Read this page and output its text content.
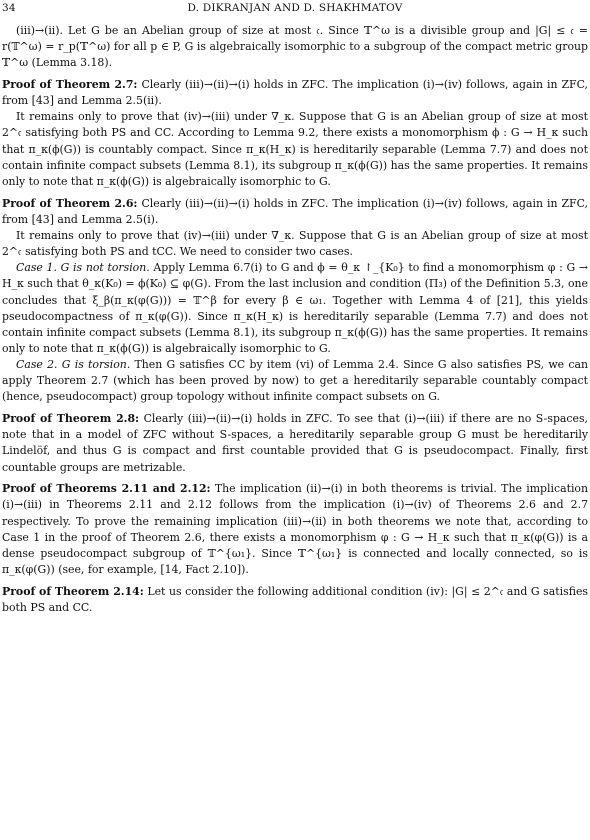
34	D. DIKRANJAN AND D. SHAKHMATOV

(iii)→(ii). Let G be an Abelian group of size at most 𝔠. Since 𝕋^ω is a divisible group and |G| ≤ 𝔠 = r(𝕋^ω) = r_p(𝕋^ω) for all p ∈ P, G is algebraically isomorphic to a subgroup of the compact metric group 𝕋^ω (Lemma 3.18).

Proof of Theorem 2.7: Clearly (iii)→(ii)→(i) holds in ZFC. The implication (i)→(iv) follows, again in ZFC, from [43] and Lemma 2.5(ii).

It remains only to prove that (iv)→(iii) under ∇_κ. Suppose that G is an Abelian group of size at most 2^𝔠 satisfying both PS and CC. According to Lemma 9.2, there exists a monomorphism ϕ : G → H_κ such that π_κ(ϕ(G)) is countably compact. Since π_κ(H_κ) is hereditarily separable (Lemma 7.7) and does not contain infinite compact subsets (Lemma 8.1), its subgroup π_κ(ϕ(G)) has the same properties. It remains only to note that π_κ(ϕ(G)) is algebraically isomorphic to G.

Proof of Theorem 2.6: Clearly (iii)→(ii)→(i) holds in ZFC. The implication (i)→(iv) follows, again in ZFC, from [43] and Lemma 2.5(i).

It remains only to prove that (iv)→(iii) under ∇_κ. Suppose that G is an Abelian group of size at most 2^𝔠 satisfying both PS and tCC. We need to consider two cases.

Case 1. G is not torsion. Apply Lemma 6.7(i) to G and ϕ = θ_κ ↾_{K₀} to find a monomorphism φ : G → H_κ such that θ_κ(K₀) = ϕ(K₀) ⊆ φ(G). From the last inclusion and condition (Π₃) of the Definition 5.3, one concludes that ξ_β(π_κ(φ(G))) = 𝕋^β for every β ∈ ω₁. Together with Lemma 4 of [21], this yields pseudocompactness of π_κ(φ(G)). Since π_κ(H_κ) is hereditarily separable (Lemma 7.7) and does not contain infinite compact subsets (Lemma 8.1), its subgroup π_κ(ϕ(G)) has the same properties. It remains only to note that π_κ(ϕ(G)) is algebraically isomorphic to G.

Case 2. G is torsion. Then G satisfies CC by item (vi) of Lemma 2.4. Since G also satisfies PS, we can apply Theorem 2.7 (which has been proved by now) to get a hereditarily separable countably compact (hence, pseudocompact) group topology without infinite compact subsets on G.

Proof of Theorem 2.8: Clearly (iii)→(ii)→(i) holds in ZFC. To see that (i)→(iii) if there are no S-spaces, note that in a model of ZFC without S-spaces, a hereditarily separable group G must be hereditarily Lindelöf, and thus G is compact and first countable provided that G is pseudocompact. Finally, first countable groups are metrizable.

Proof of Theorems 2.11 and 2.12: The implication (ii)→(i) in both theorems is trivial. The implication (i)→(iii) in Theorems 2.11 and 2.12 follows from the implication (i)→(iv) of Theorems 2.6 and 2.7 respectively. To prove the remaining implication (iii)→(ii) in both theorems we note that, according to Case 1 in the proof of Theorem 2.6, there exists a monomorphism φ : G → H_κ such that π_κ(φ(G)) is a dense pseudocompact subgroup of 𝕋^{ω₁}. Since 𝕋^{ω₁} is connected and locally connected, so is π_κ(φ(G)) (see, for example, [14, Fact 2.10]).

Proof of Theorem 2.14: Let us consider the following additional condition (iv): |G| ≤ 2^𝔠 and G satisfies both PS and CC.
